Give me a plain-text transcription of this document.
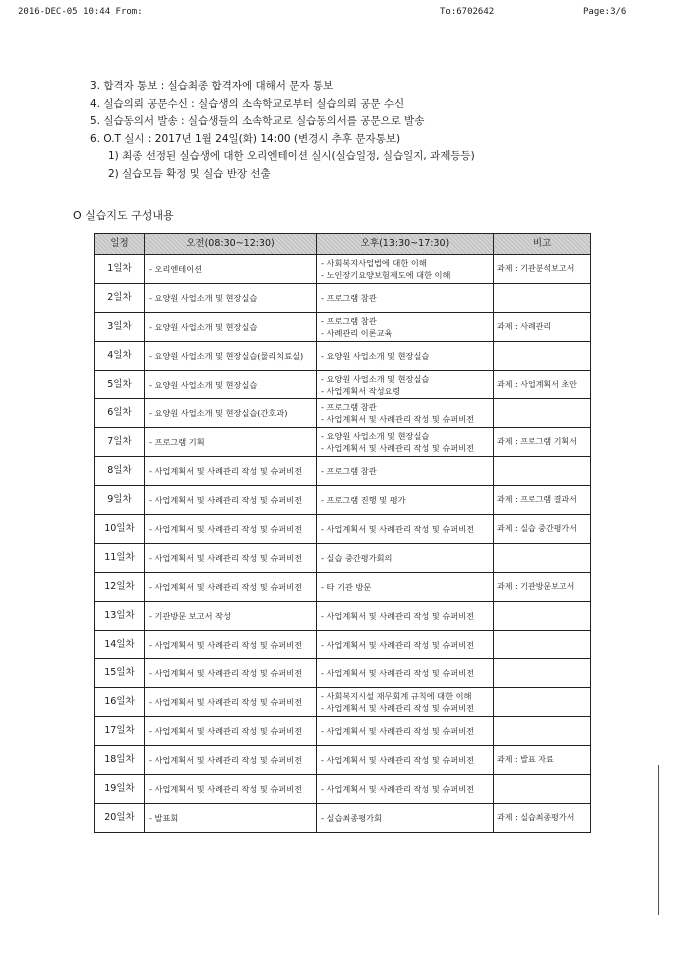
2016-DEC-05 10:44 From:	To:6702642	Page:3/6
3. 합격자 통보 : 실습최종 합격자에 대해서 문자 통보
4. 실습의뢰 공문수신 : 실습생의 소속학교로부터 실습의뢰 공문 수신
5. 실습동의서 발송 : 실습생들의 소속학교로 실습동의서를 공문으로 발송
6. O.T 실시 : 2017년 1월 24일(화) 14:00 (변경시 추후 문자통보)
1) 최종 선정된 실습생에 대한 오리엔테이션 실시(실습일정, 실습일지, 과제등등)
2) 실습모듬 확정 및 실습 반장 선출
O 실습지도 구성내용
일정	오전(08:30~12:30)	오후(13:30~17:30)	비고
1일차	- 오리엔테이션	- 사회복지사업법에 대한 이해
- 노인장기요양보험제도에 대한 이해	과제 : 기관분석보고서
2일차	- 요양원 사업소개 및 현장실습	- 프로그램 참관	

3일차	- 요양원 사업소개 및 현장실습	- 프로그램 참관
- 사례관리 이론교육	과제 : 사례관리
4일차	- 요양원 사업소개 및 현장실습(물리치료실)	- 요양원 사업소개 및 현장실습	

5일차	- 요양원 사업소개 및 현장실습	- 요양원 사업소개 및 현장실습
- 사업계획서 작성요령	과제 : 사업계획서 초안
6일차	- 요양원 사업소개 및 현장실습(간호과)	- 프로그램 참관
- 사업계획서 및 사례관리 작성 및 슈퍼비전	

7일차	- 프로그램 기획	- 요양원 사업소개 및 현장실습
- 사업계획서 및 사례관리 작성 및 슈퍼비전	과제 : 프로그램 기획서
8일차	- 사업계획서 및 사례관리 작성 및 슈퍼비전	- 프로그램 참관	

9일차	- 사업계획서 및 사례관리 작성 및 슈퍼비전	- 프로그램 진행 및 평가	과제 : 프로그램 결과서
10일차	- 사업계획서 및 사례관리 작성 및 슈퍼비전	- 사업계획서 및 사례관리 작성 및 슈퍼비전	과제 : 실습 중간평가서
11일차	- 사업계획서 및 사례관리 작성 및 슈퍼비전	- 실습 중간평가회의	

12일차	- 사업계획서 및 사례관리 작성 및 슈퍼비전	- 타 기관 방문	과제 : 기관방문보고서
13일차	- 기관방문 보고서 작성	- 사업계획서 및 사례관리 작성 및 슈퍼비전	

14일차	- 사업계획서 및 사례관리 작성 및 슈퍼비전	- 사업계획서 및 사례관리 작성 및 슈퍼비전	

15일차	- 사업계획서 및 사례관리 작성 및 슈퍼비전	- 사업계획서 및 사례관리 작성 및 슈퍼비전	

16일차	- 사업계획서 및 사례관리 작성 및 슈퍼비전	- 사회복지시설 재무회계 규칙에 대한 이해
- 사업계획서 및 사례관리 작성 및 슈퍼비전	

17일차	- 사업계획서 및 사례관리 작성 및 슈퍼비전	- 사업계획서 및 사례관리 작성 및 슈퍼비전	

18일차	- 사업계획서 및 사례관리 작성 및 슈퍼비전	- 사업계획서 및 사례관리 작성 및 슈퍼비전	과제 : 발표 자료
19일차	- 사업계획서 및 사례관리 작성 및 슈퍼비전	- 사업계획서 및 사례관리 작성 및 슈퍼비전	

20일차	- 발표회	- 실습최종평가회	과제 : 실습최종평가서
